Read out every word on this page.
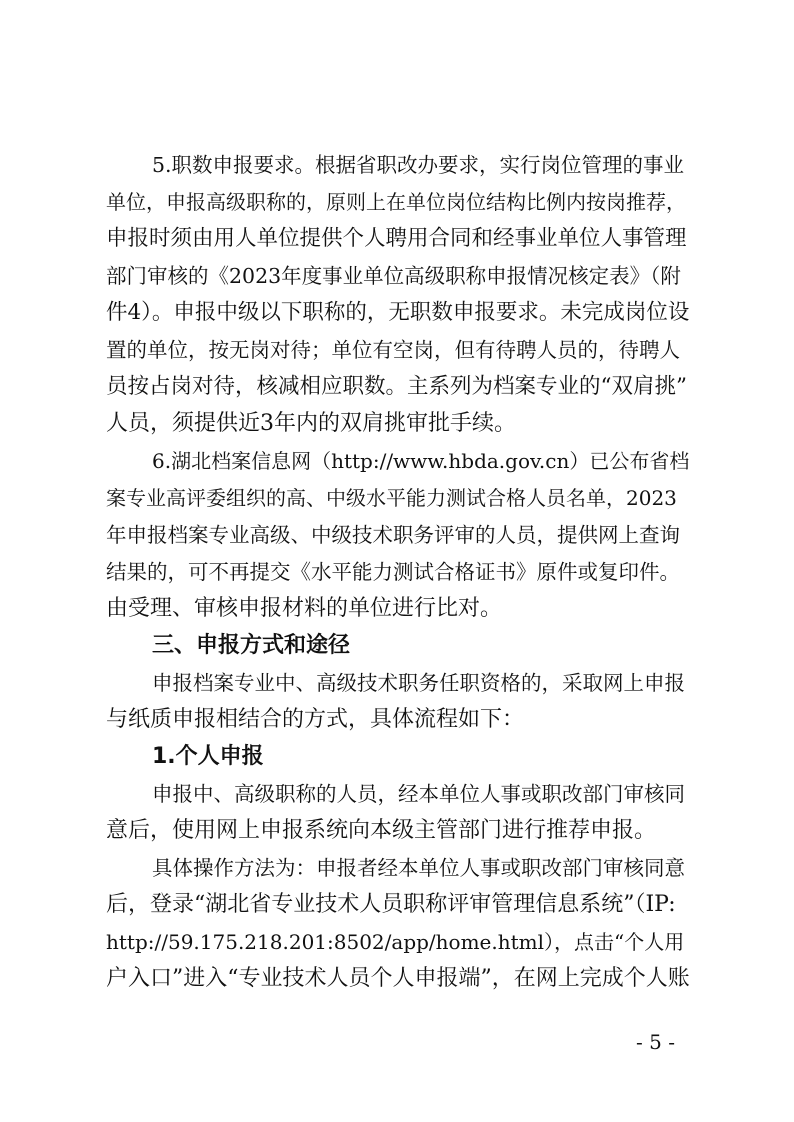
5.职数申报要求。根据省职改办要求，实行岗位管理的事业
单位，申报高级职称的，原则上在单位岗位结构比例内按岗推荐，
申报时须由用人单位提供个人聘用合同和经事业单位人事管理
部门审核的《2023年度事业单位高级职称申报情况核定表》（附
件4）。申报中级以下职称的，无职数申报要求。未完成岗位设
置的单位，按无岗对待；单位有空岗，但有待聘人员的，待聘人
员按占岗对待，核减相应职数。主系列为档案专业的“双肩挑”
人员，须提供近3年内的双肩挑审批手续。
6.湖北档案信息网（http://www.hbda.gov.cn）已公布省档
案专业高评委组织的高、中级水平能力测试合格人员名单，2023
年申报档案专业高级、中级技术职务评审的人员，提供网上查询
结果的，可不再提交《水平能力测试合格证书》原件或复印件。
由受理、审核申报材料的单位进行比对。
三、申报方式和途径
申报档案专业中、高级技术职务任职资格的，采取网上申报
与纸质申报相结合的方式，具体流程如下：
1.个人申报
申报中、高级职称的人员，经本单位人事或职改部门审核同
意后，使用网上申报系统向本级主管部门进行推荐申报。
具体操作方法为：申报者经本单位人事或职改部门审核同意
后，登录“湖北省专业技术人员职称评审管理信息系统”（IP:
http://59.175.218.201:8502/app/home.html），点击“个人用
户入口”进入“专业技术人员个人申报端”，在网上完成个人账
- 5 -
